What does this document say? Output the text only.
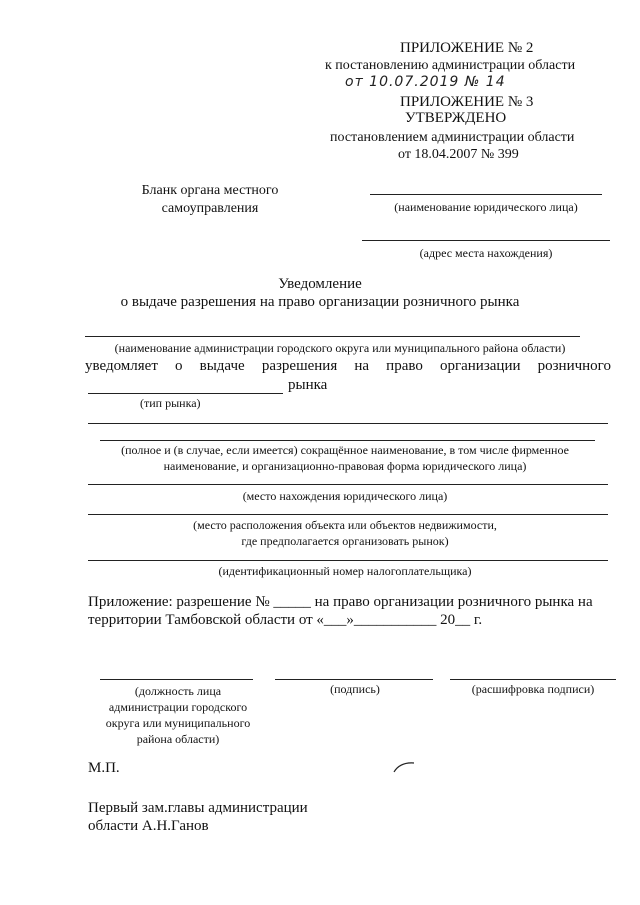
ПРИЛОЖЕНИЕ № 2
к постановлению администрации области
от 10.07.2019 № 14
ПРИЛОЖЕНИЕ № 3
УТВЕРЖДЕНО
постановлением администрации области
от 18.04.2007 № 399
Бланк органа местного
самоуправления	(наименование юридического лица)
(адрес места нахождения)
Уведомление
о выдаче разрешения на право организации розничного рынка
(наименование администрации городского округа или муниципального района области)
уведомляет о выдаче разрешения на право организации розничного
рынка
(тип рынка)
(полное и (в случае, если имеется) сокращённое наименование, в том числе фирменное
наименование, и организационно-правовая форма юридического лица)
(место нахождения юридического лица)
(место расположения объекта или объектов недвижимости,
где предполагается организовать рынок)
(идентификационный номер налогоплательщика)
Приложение: разрешение № _____ на право организации розничного рынка на
территории Тамбовской области от «___»___________ 20__ г.
(должность лица
администрации городского
округа или муниципального
района области)
(подпись)	(расшифровка подписи)
М.П.
Первый зам.главы администрации
области А.Н.Ганов
